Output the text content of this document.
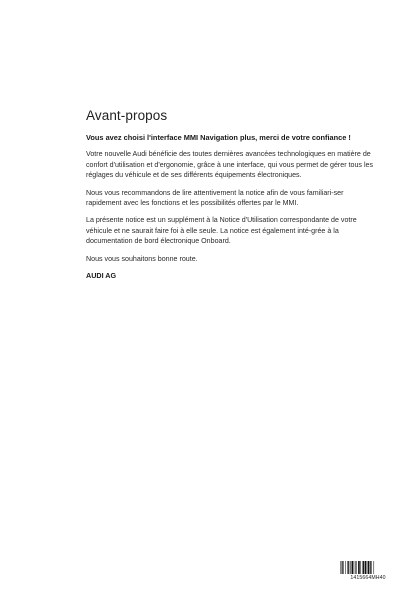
Avant-propos

Vous avez choisi l'interface MMI Navigation plus, merci de votre confiance !

Votre nouvelle Audi bénéficie des toutes dernières avancées technologiques en matière de confort d'utilisation et d'ergonomie, grâce à une interface, qui vous permet de gérer tous les réglages du véhicule et de ses différents équipements électroniques.

Nous vous recommandons de lire attentivement la notice afin de vous familiari-ser rapidement avec les fonctions et les possibilités offertes par le MMI.

La présente notice est un supplément à la Notice d'Utilisation correspondante de votre véhicule et ne saurait faire foi à elle seule. La notice est également inté-grée à la documentation de bord électronique Onboard.

Nous vous souhaitons bonne route.

AUDI AG

1415664MH40
